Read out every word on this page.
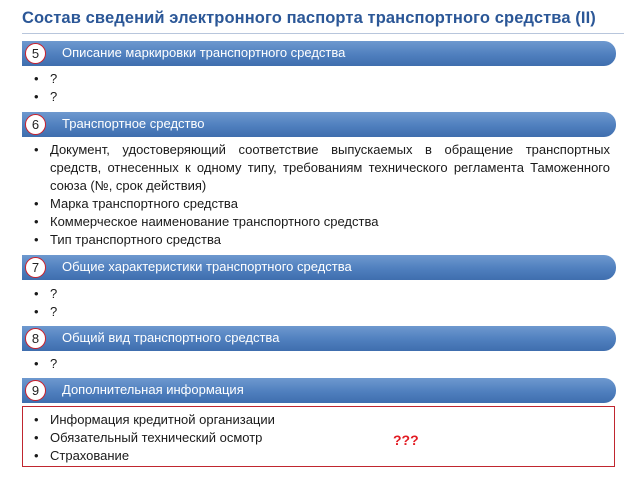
Состав сведений электронного паспорта транспортного средства (II)
5	Описание маркировки транспортного средства
• ?
• ?
6	Транспортное средство
• Документ, удостоверяющий соответствие выпускаемых в обращение транспортных средств, отнесенных к одному типу, требованиям технического регламента Таможенного союза (№, срок действия)
• Марка транспортного средства
• Коммерческое наименование транспортного средства
• Тип транспортного средства
7	Общие характеристики транспортного средства
• ?
• ?
8	Общий вид транспортного средства
• ?
9	Дополнительная информация
• Информация кредитной организации
• Обязательный технический осмотр
• Страхование
???
